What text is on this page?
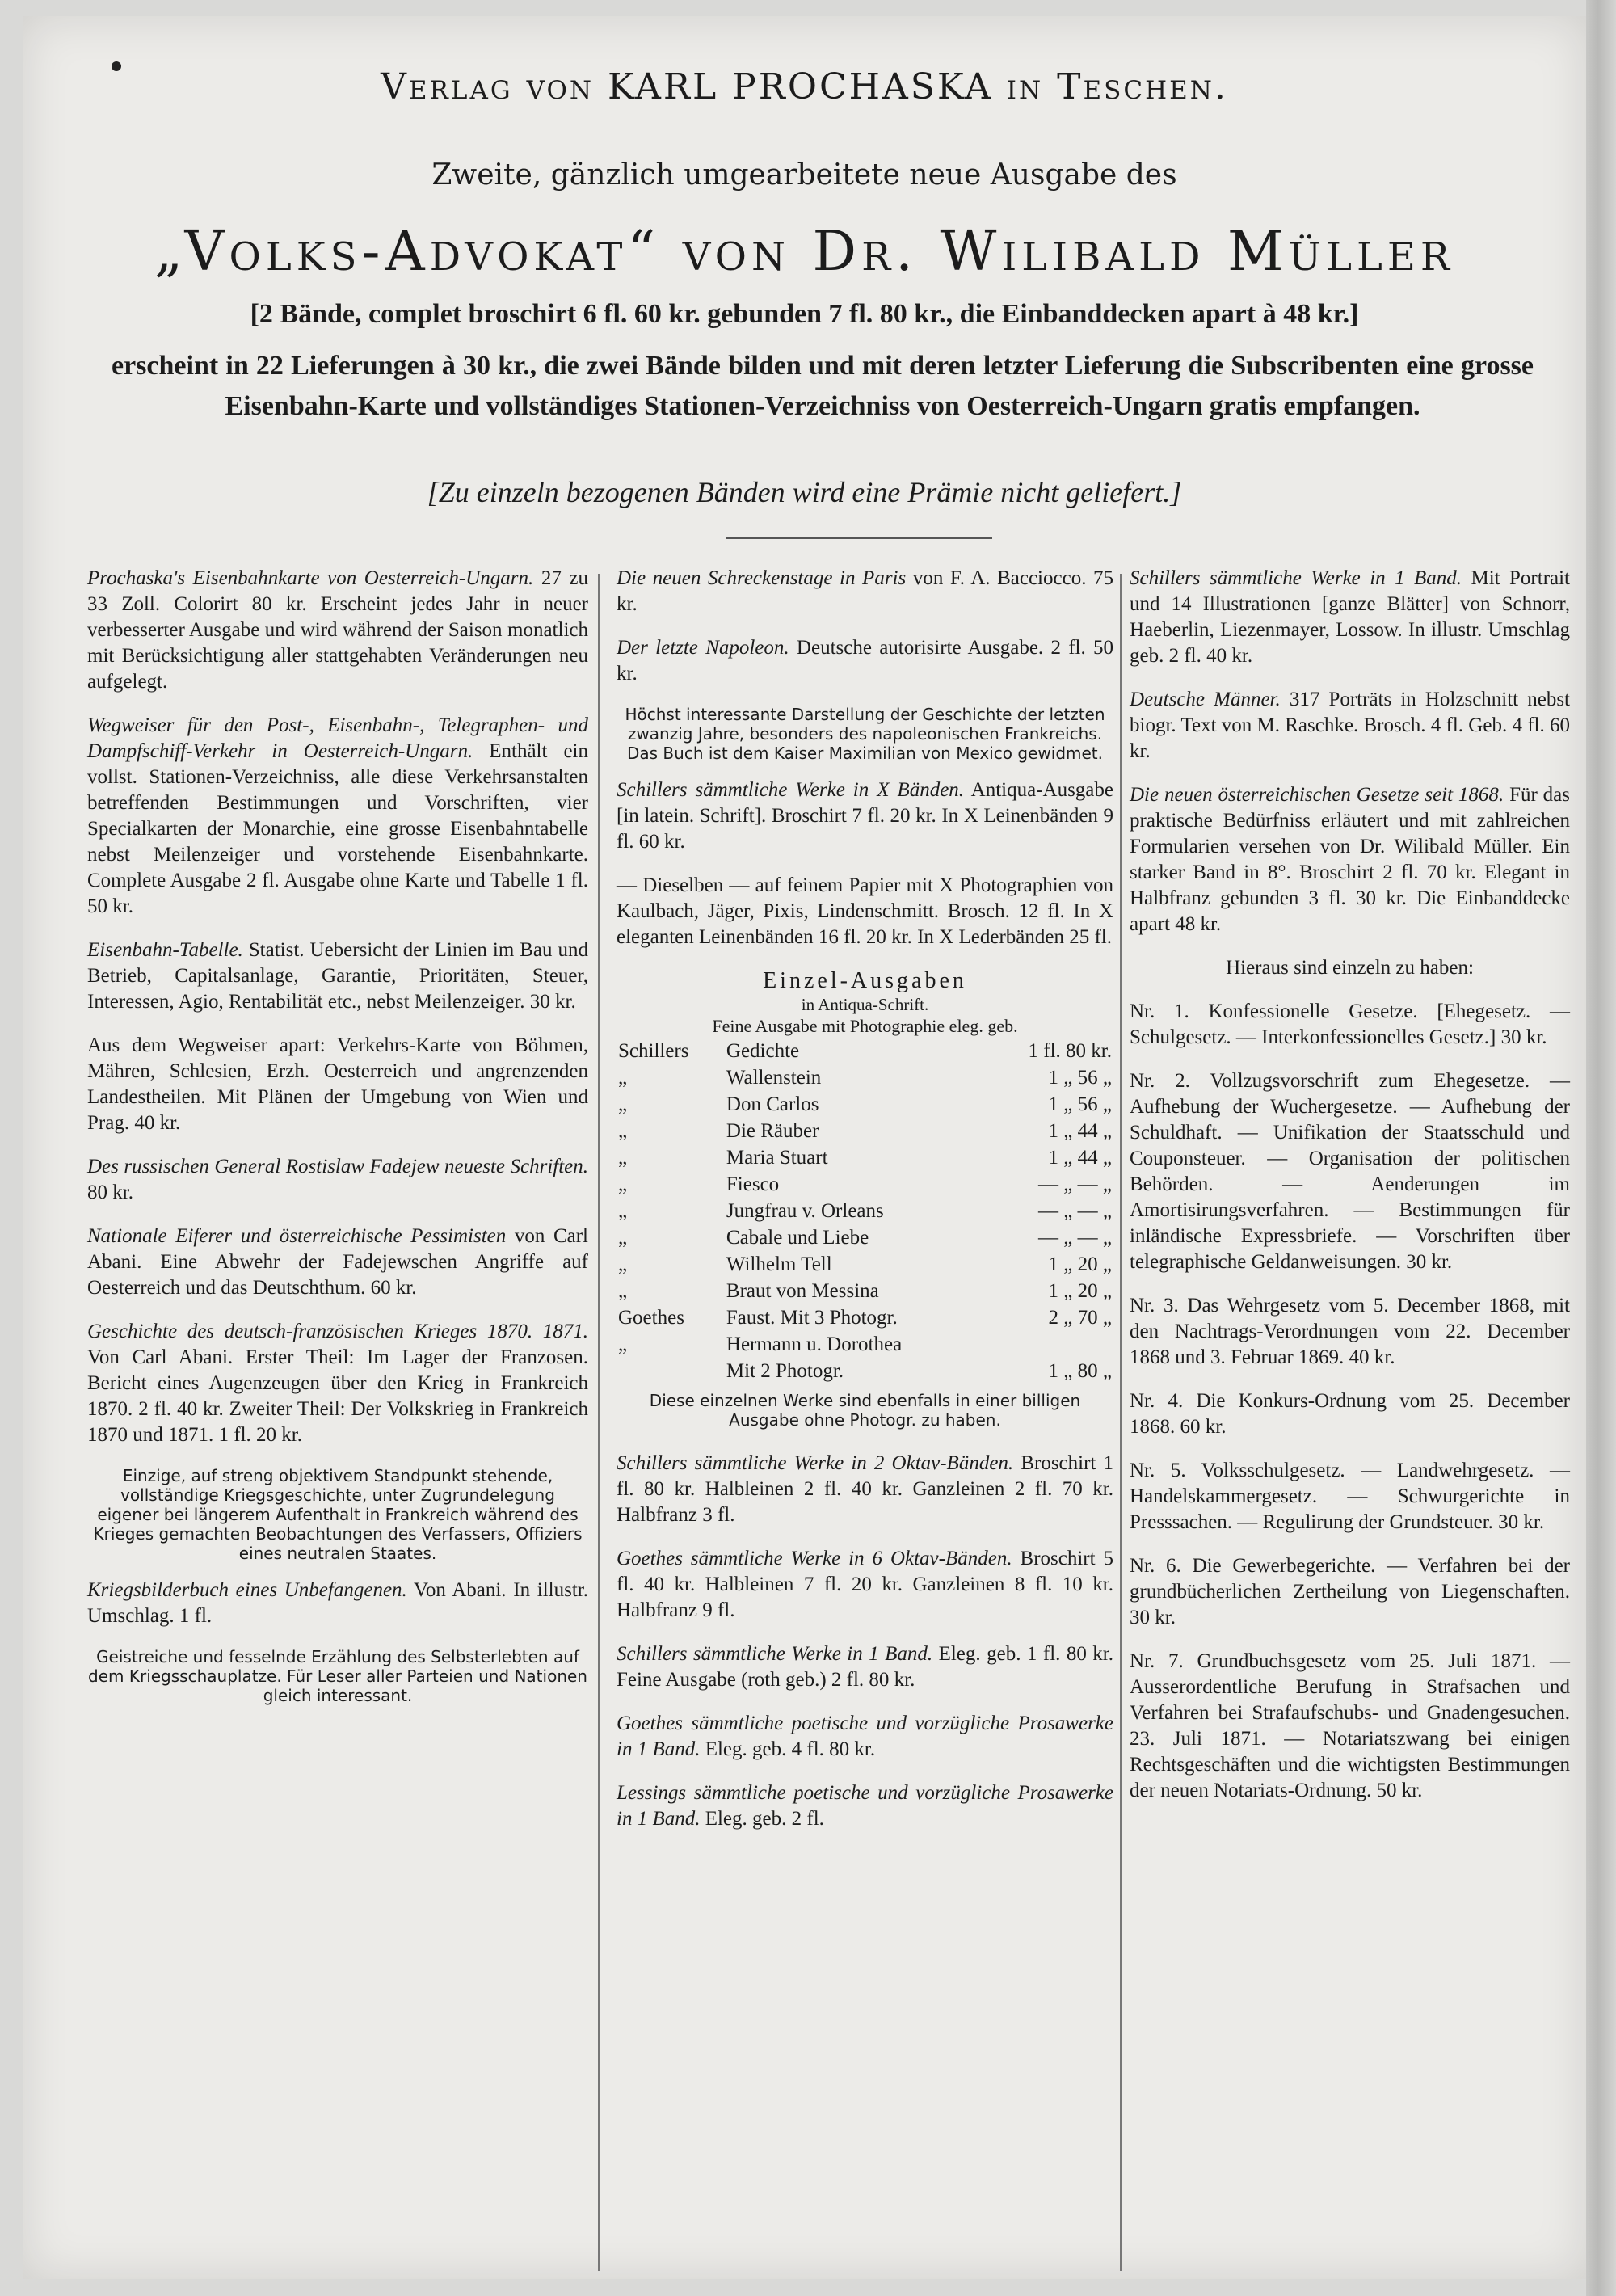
Verlag von KARL PROCHASKA in Teschen.
Zweite, gänzlich umgearbeitete neue Ausgabe des
„Volks-Advokat“ von Dr. Wilibald Müller
[2 Bände, complet broschirt 6 fl. 60 kr. gebunden 7 fl. 80 kr., die Einbanddecken apart à 48 kr.]
erscheint in 22 Lieferungen à 30 kr., die zwei Bände bilden und mit deren letzter Lieferung die Subscribenten eine grosse Eisenbahn-Karte und vollständiges Stationen-Verzeichniss von Oesterreich-Ungarn gratis empfangen.
[Zu einzeln bezogenen Bänden wird eine Prämie nicht geliefert.]
Prochaska's Eisenbahnkarte von Oesterreich-Ungarn. 27 zu 33 Zoll. Colorirt 80 kr. Erscheint jedes Jahr in neuer verbesserter Ausgabe und wird während der Saison monatlich mit Berücksichtigung aller stattgehabten Veränderungen neu aufgelegt.
Wegweiser für den Post-, Eisenbahn-, Telegraphen- und Dampfschiff-Verkehr in Oesterreich-Ungarn. Enthält ein vollst. Stationen-Verzeichniss, alle diese Verkehrsanstalten betreffenden Bestimmungen und Vorschriften, vier Specialkarten der Monarchie, eine grosse Eisenbahntabelle nebst Meilenzeiger und vorstehende Eisenbahnkarte. Complete Ausgabe 2 fl. Ausgabe ohne Karte und Tabelle 1 fl. 50 kr.
Eisenbahn-Tabelle. Statist. Uebersicht der Linien im Bau und Betrieb, Capitalsanlage, Garantie, Prioritäten, Steuer, Interessen, Agio, Rentabilität etc., nebst Meilenzeiger. 30 kr.
Aus dem Wegweiser apart: Verkehrs-Karte von Böhmen, Mähren, Schlesien, Erzh. Oesterreich und angrenzenden Landestheilen. Mit Plänen der Umgebung von Wien und Prag. 40 kr.
Des russischen General Rostislaw Fadejew neueste Schriften. 80 kr.
Nationale Eiferer und österreichische Pessimisten von Carl Abani. Eine Abwehr der Fadejewschen Angriffe auf Oesterreich und das Deutschthum. 60 kr.
Geschichte des deutsch-französischen Krieges 1870. 1871. Von Carl Abani. Erster Theil: Im Lager der Franzosen. Bericht eines Augenzeugen über den Krieg in Frankreich 1870. 2 fl. 40 kr. Zweiter Theil: Der Volkskrieg in Frankreich 1870 und 1871. 1 fl. 20 kr.
Einzige, auf streng objektivem Standpunkt stehende, vollständige Kriegsgeschichte, unter Zugrundelegung eigener bei längerem Aufenthalt in Frankreich während des Krieges gemachten Beobachtungen des Verfassers, Offiziers eines neutralen Staates.
Kriegsbilderbuch eines Unbefangenen. Von Abani. In illustr. Umschlag. 1 fl.
Geistreiche und fesselnde Erzählung des Selbsterlebten auf dem Kriegsschauplatze. Für Leser aller Parteien und Nationen gleich interessant.
Die neuen Schreckenstage in Paris von F. A. Bacciocco. 75 kr.
Der letzte Napoleon. Deutsche autorisirte Ausgabe. 2 fl. 50 kr.
Höchst interessante Darstellung der Geschichte der letzten zwanzig Jahre, besonders des napoleonischen Frankreichs. Das Buch ist dem Kaiser Maximilian von Mexico gewidmet.
Schillers sämmtliche Werke in X Bänden. Antiqua-Ausgabe [in latein. Schrift]. Broschirt 7 fl. 20 kr. In X Leinenbänden 9 fl. 60 kr.
— Dieselben — auf feinem Papier mit X Photographien von Kaulbach, Jäger, Pixis, Lindenschmitt. Brosch. 12 fl. In X eleganten Leinenbänden 16 fl. 20 kr. In X Lederbänden 25 fl.
Einzel-Ausgaben
in Antiqua-Schrift.
Feine Ausgabe mit Photographie eleg. geb.
Schillers	Gedichte	1 fl. 80 kr.
„	Wallenstein	1 „ 56 „
„	Don Carlos	1 „ 56 „
„	Die Räuber	1 „ 44 „
„	Maria Stuart	1 „ 44 „
„	Fiesco	— „ — „
„	Jungfrau v. Orleans	— „ — „
„	Cabale und Liebe	— „ — „
„	Wilhelm Tell	1 „ 20 „
„	Braut von Messina	1 „ 20 „
Goethes	Faust. Mit 3 Photogr.	2 „ 70 „
„	Hermann u. Dorothea	
	Mit 2 Photogr.	1 „ 80 „
Diese einzelnen Werke sind ebenfalls in einer billigen Ausgabe ohne Photogr. zu haben.
Schillers sämmtliche Werke in 2 Oktav-Bänden. Broschirt 1 fl. 80 kr. Halbleinen 2 fl. 40 kr. Ganzleinen 2 fl. 70 kr. Halbfranz 3 fl.
Goethes sämmtliche Werke in 6 Oktav-Bänden. Broschirt 5 fl. 40 kr. Halbleinen 7 fl. 20 kr. Ganzleinen 8 fl. 10 kr. Halbfranz 9 fl.
Schillers sämmtliche Werke in 1 Band. Eleg. geb. 1 fl. 80 kr. Feine Ausgabe (roth geb.) 2 fl. 80 kr.
Goethes sämmtliche poetische und vorzügliche Prosawerke in 1 Band. Eleg. geb. 4 fl. 80 kr.
Lessings sämmtliche poetische und vorzügliche Prosawerke in 1 Band. Eleg. geb. 2 fl.
Schillers sämmtliche Werke in 1 Band. Mit Portrait und 14 Illustrationen [ganze Blätter] von Schnorr, Haeberlin, Liezenmayer, Lossow. In illustr. Umschlag geb. 2 fl. 40 kr.
Deutsche Männer. 317 Porträts in Holzschnitt nebst biogr. Text von M. Raschke. Brosch. 4 fl. Geb. 4 fl. 60 kr.
Die neuen österreichischen Gesetze seit 1868. Für das praktische Bedürfniss erläutert und mit zahlreichen Formularien versehen von Dr. Wilibald Müller. Ein starker Band in 8°. Broschirt 2 fl. 70 kr. Elegant in Halbfranz gebunden 3 fl. 30 kr. Die Einbanddecke apart 48 kr.
Hieraus sind einzeln zu haben:
Nr. 1. Konfessionelle Gesetze. [Ehegesetz. — Schulgesetz. — Interkonfessionelles Gesetz.] 30 kr.
Nr. 2. Vollzugsvorschrift zum Ehegesetze. — Aufhebung der Wuchergesetze. — Aufhebung der Schuldhaft. — Unifikation der Staatsschuld und Couponsteuer. — Organisation der politischen Behörden. — Aenderungen im Amortisirungsverfahren. — Bestimmungen für inländische Expressbriefe. — Vorschriften über telegraphische Geldanweisungen. 30 kr.
Nr. 3. Das Wehrgesetz vom 5. December 1868, mit den Nachtrags-Verordnungen vom 22. December 1868 und 3. Februar 1869. 40 kr.
Nr. 4. Die Konkurs-Ordnung vom 25. December 1868. 60 kr.
Nr. 5. Volksschulgesetz. — Landwehrgesetz. — Handelskammergesetz. — Schwurgerichte in Presssachen. — Regulirung der Grundsteuer. 30 kr.
Nr. 6. Die Gewerbegerichte. — Verfahren bei der grundbücherlichen Zertheilung von Liegenschaften. 30 kr.
Nr. 7. Grundbuchsgesetz vom 25. Juli 1871. — Ausserordentliche Berufung in Strafsachen und Verfahren bei Strafaufschubs- und Gnadengesuchen. 23. Juli 1871. — Notariatszwang bei einigen Rechtsgeschäften und die wichtigsten Bestimmungen der neuen Notariats-Ordnung. 50 kr.
